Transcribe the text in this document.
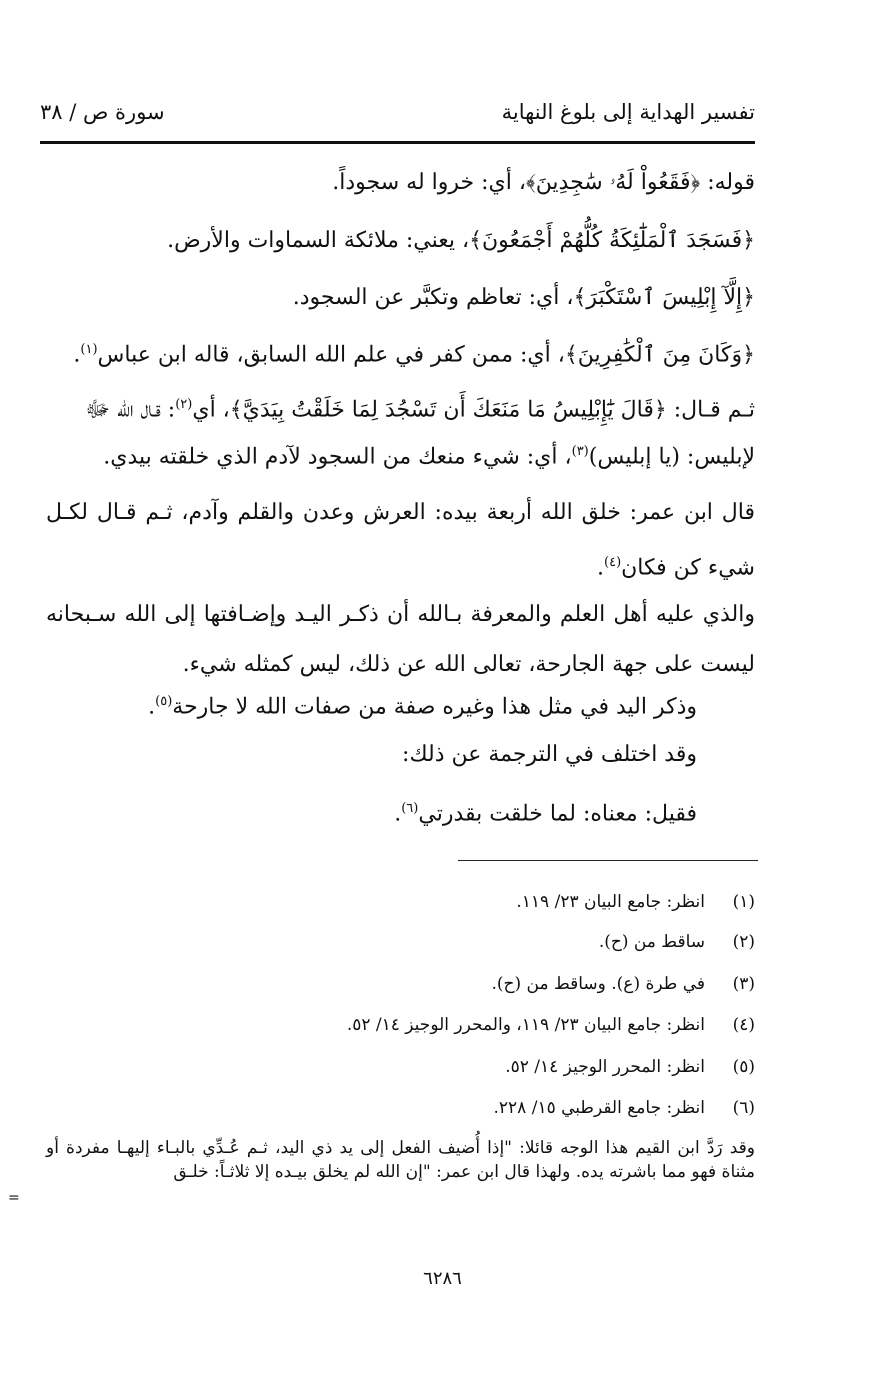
تفسير الهداية إلى بلوغ النهاية
سورة ص / ٣٨
قوله: ﴿فَقَعُواْ لَهُۥ سَٰجِدِينَ﴾، أي: خروا له سجوداً.
﴿فَسَجَدَ ٱلْمَلَٰٓئِكَةُ كُلُّهُمْ أَجْمَعُونَ﴾، يعني: ملائكة السماوات والأرض.
﴿إِلَّآ إِبْلِيسَ ٱسْتَكْبَرَ﴾، أي: تعاظم وتكبَّر عن السجود.
﴿وَكَانَ مِنَ ٱلْكَٰفِرِينَ﴾، أي: ممن كفر في علم الله السابق، قاله ابن عباس$^{(١)}$.
ثـم قـال: ﴿قَالَ يَٰٓإِبْلِيسُ مَا مَنَعَكَ أَن تَسْجُدَ لِمَا خَلَقْتُ بِيَدَيَّ﴾، أي$^{(٢)}$: قـال الله ﷻ
لإبليس: (يا إبليس)$^{(٣)}$، أي: شيء منعك من السجود لآدم الذي خلقته بيدي.
قال ابن عمر: خلق الله أربعة بيده: العرش وعدن والقلم وآدم، ثـم قـال لكـل شيء كن فكان$^{(٤)}$.
والذي عليه أهل العلم والمعرفة بـالله أن ذكـر اليـد وإضـافتها إلى الله سـبحانه ليست على جهة الجارحة، تعالى الله عن ذلك، ليس كمثله شيء.
وذكر اليد في مثل هذا وغيره صفة من صفات الله لا جارحة$^{(٥)}$.
وقد اختلف في الترجمة عن ذلك:
فقيل: معناه: لما خلقت بقدرتي$^{(٦)}$.
(١)انظر: جامع البيان ٢٣/ ١١٩.
(٢)ساقط من (ح).
(٣)في طرة (ع). وساقط من (ح).
(٤)انظر: جامع البيان ٢٣/ ١١٩، والمحرر الوجيز ١٤/ ٥٢.
(٥)انظر: المحرر الوجيز ١٤/ ٥٢.
(٦)انظر: جامع القرطبي ١٥/ ٢٢٨.
وقد رَدَّ ابن القيم هذا الوجه قائلا: "إذا أُضيف الفعل إلى يد ذي اليد، ثـم عُـدِّي بالبـاء إليهـا مفردة أو مثناة فهو مما باشرته يده. ولهذا قال ابن عمر: "إن الله لم يخلق بيـده إلا ثلاثـاً: خلـق
=
٦٢٨٦
